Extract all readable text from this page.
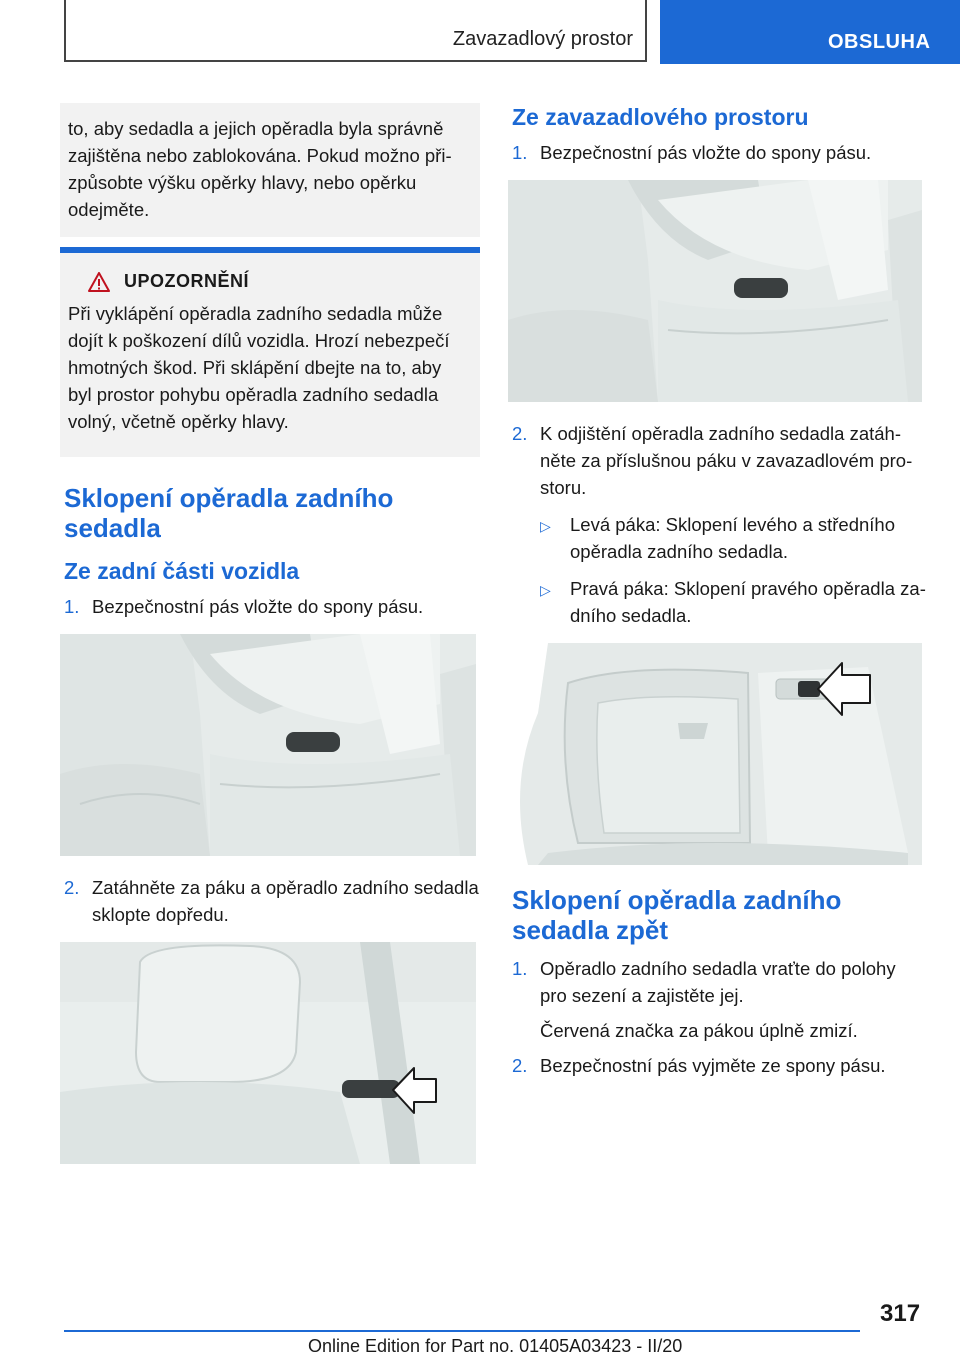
Zavazadlový prostor	OBSLUHA
to, aby sedadla a jejich opěradla byla správně zajištěna nebo zablokována. Pokud možno přizpůsobte výšku opěrky hlavy, nebo opěrku odejměte.
UPOZORNĚNÍ
Při vyklápění opěradla zadního sedadla může dojít k poškození dílů vozidla. Hrozí nebezpečí hmotných škod. Při sklápění dbejte na to, aby byl prostor pohybu opěradla zadního sedadla volný, včetně opěrky hlavy.
Sklopení opěradla zadního sedadla
Ze zadní části vozidla
1. Bezpečnostní pás vložte do spony pásu.
2. Zatáhněte za páku a opěradlo zadního sedadla sklopte dopředu.
Ze zavazadlového prostoru
1. Bezpečnostní pás vložte do spony pásu.
2. K odjištění opěradla zadního sedadla zatáhněte za příslušnou páku v zavazadlovém prostoru.
▷	Levá páka: Sklopení levého a středního opěradla zadního sedadla.
▷	Pravá páka: Sklopení pravého opěradla zadního sedadla.
Sklopení opěradla zadního sedadla zpět
1. Opěradlo zadního sedadla vraťte do polohy pro sezení a zajistěte jej.
Červená značka za pákou úplně zmizí.
2. Bezpečnostní pás vyjměte ze spony pásu.
317
Online Edition for Part no. 01405A03423 - II/20
